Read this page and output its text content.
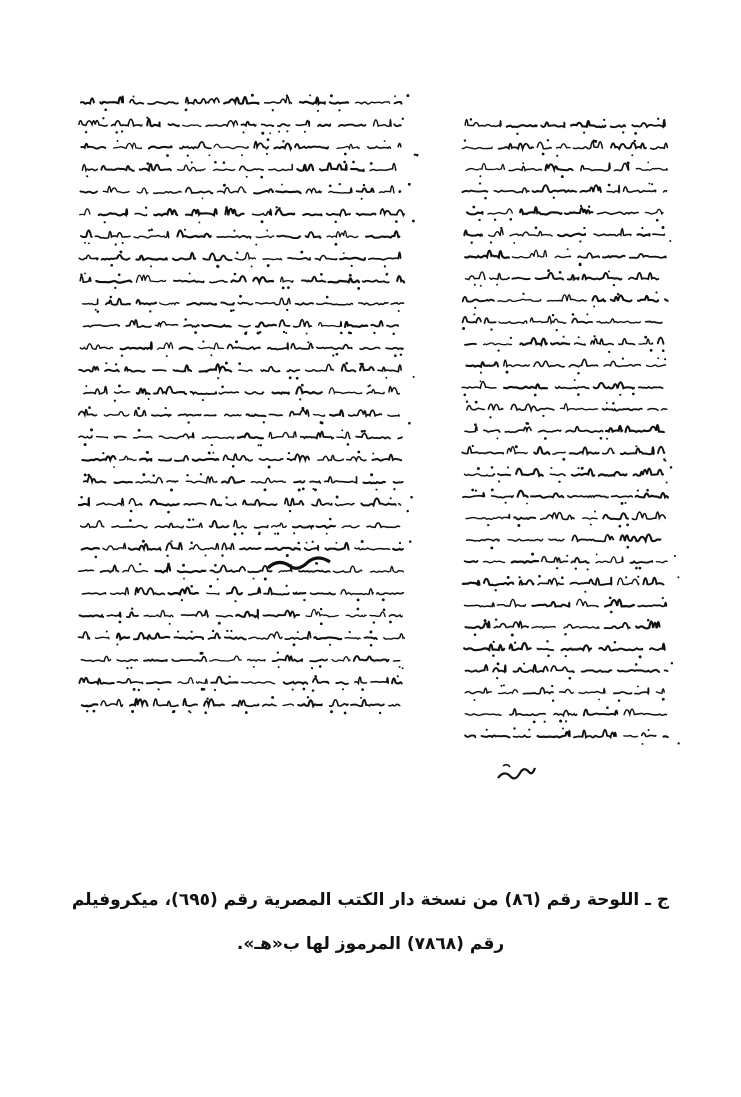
ج ـ اللوحة رقم (٨٦) من نسخة دار الكتب المصرية رقم (٦٩٥)، ميكروفيلم
رقم (٧٨٦٨) المرموز لها ب«هـ».
